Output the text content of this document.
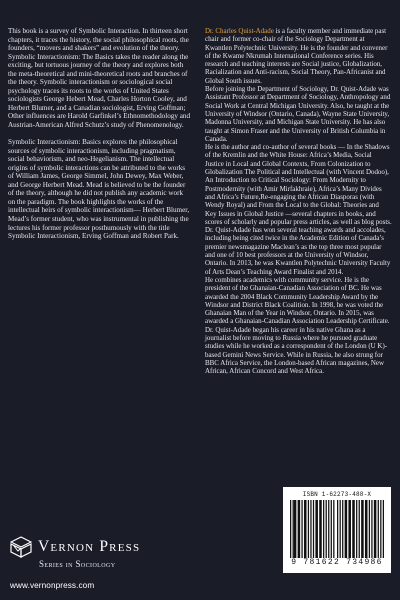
This book is a survey of Symbolic Interaction. In thirteen short chapters, it traces the history, the social philosophical roots, the founders, “movers and shakers” and evolution of the theory. Symbolic Interactionism: The Basics takes the reader along the exciting, but tortuous journey of the theory and explores both the meta-theoretical and mini-theoretical roots and branches of the theory. Symbolic interactionism or sociological social psychology traces its roots to the works of United States sociologists George Hebert Mead, Charles Horton Cooley, and Herbert Blumer, and a Canadian sociologist, Erving Goffman; Other influences are Harold Garfinkel’s Ethnomethodology and Austrian-American Alfred Schutz’s study of Phenomenology.

Symbolic Interactionism: Basics explores the philosophical sources of symbolic interactionism, including pragmatism, social behaviorism, and neo-Hegelianism. The intellectual origins of symbolic interactions can be attributed to the works of William James, George Simmel, John Dewey, Max Weber, and George Herbert Mead. Mead is believed to be the founder of the theory, although he did not publish any academic work on the paradigm. The book highlights the works of the intellectual heirs of symbolic interactionism— Herbert Blumer, Mead’s former student, who was instrumental in publishing the lectures his former professor posthumously with the title Symbolic Interactionism, Erving Goffman and Robert Park.

Dr. Charles Quist-Adade is a faculty member and immediate past chair and former co-chair of the Sociology Department at Kwantlen Polytechnic University. He is the founder and convener of the Kwame Nkrumah International Conference series. His research and teaching interests are Social justice, Globalization, Racialization and Anti-racism, Social Theory, Pan-Africanist and Global South issues.

Before joining the Department of Sociology, Dr. Quist-Adade was Assistant Professor at Department of Sociology, Anthropology and Social Work at Central Michigan University. Also, he taught at the University of Windsor (Ontario, Canada), Wayne State University, Madonna University, and Michigan State University. He has also taught at Simon Fraser and the University of British Columbia in Canada.

He is the author and co-author of several books — In the Shadows of the Kremlin and the White House: Africa’s Media, Social Justice in Local and Global Contexts, From Colonization to Globalization The Political and Intellectual (with Vincent Dodoo), An Introduction to Critical Sociology: From Modernity to Postmodernity (with Amir Mirfakhraie), Africa’s Many Divides and Africa’s Future,Re-engaging the African Diasporas (with Wendy Royal) and From the Local to the Global: Theories and Key Issues in Global Justice —several chapters in books, and scores of scholarly and popular press articles, as well as blog posts.

Dr. Quist-Adade has won several teaching awards and accolades, including being cited twice in the Academic Edition of Canada’s premier newsmagazine Maclean’s as the top three most popular and one of 10 best professors at the University of Windsor, Ontario. In 2013, he was Kwantlen Polytechnic University Faculty of Arts Dean’s Teaching Award Finalist and 2014.

He combines academics with community service. He is the president of the Ghanaian-Canadian Association of BC. He was awarded the 2004 Black Community Leadership Award by the Windsor and District Black Coalition. In 1998, he was voted the Ghanaian Man of the Year in Windsor, Ontario. In 2015, was awarded a Ghanaian-Canadian Association Leadership Certificate.

Dr. Quist-Adade began his career in his native Ghana as a journalist before moving to Russia where he pursued graduate studies while he worked as a correspondent of the London (U K)-based Gemini News Service. While in Russia, he also strung for BBC Africa Service, the London-based African magazines, New African, African Concord and West Africa.

ISBN 1-62273-488-X
9 781622 734986
Vernon Press
Series in Sociology
www.vernonpress.com
